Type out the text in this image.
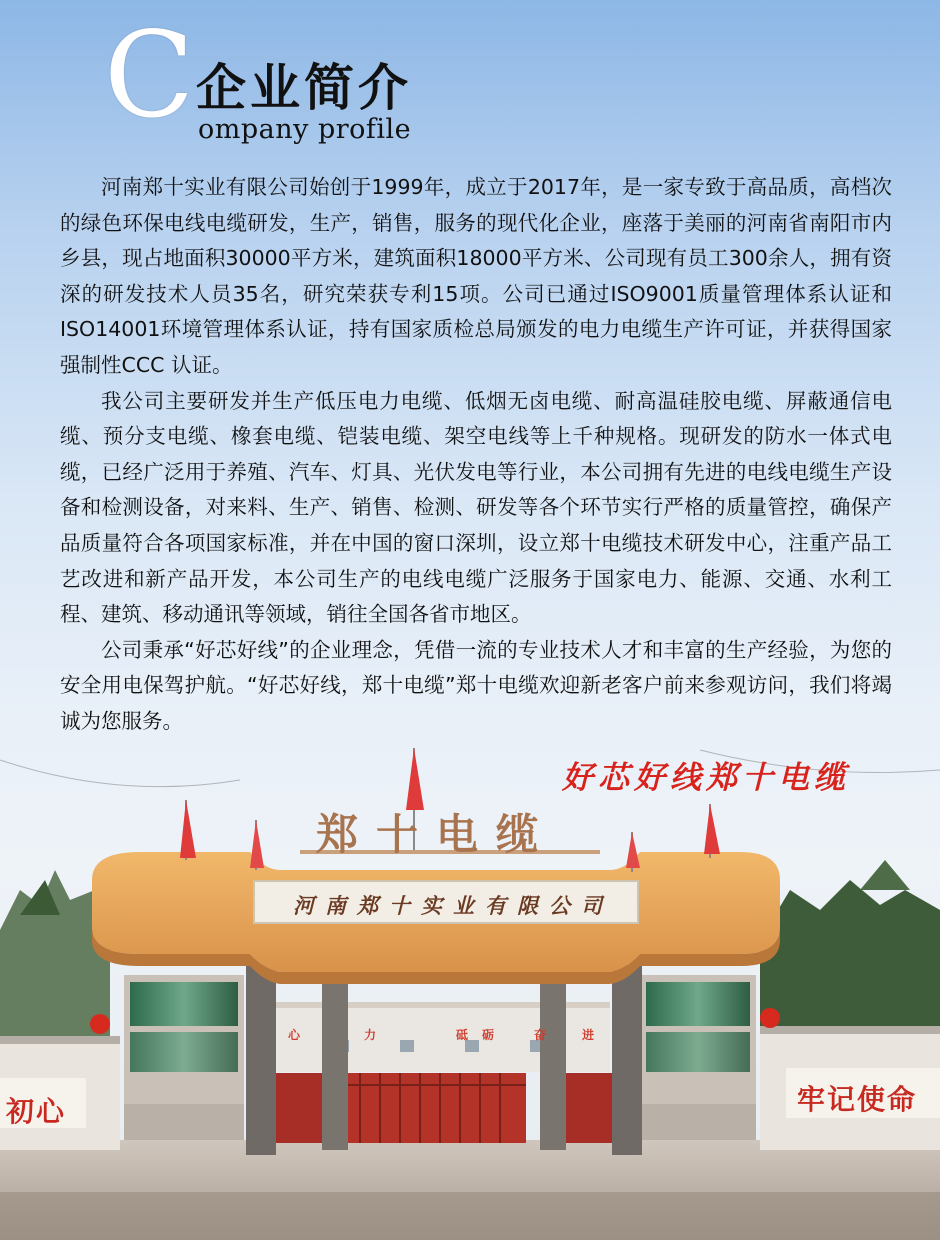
C 企业简介
ompany profile

河南郑十实业有限公司始创于1999年，成立于2017年，是一家专致于高品质，高档次的绿色环保电线电缆研发，生产，销售，服务的现代化企业，座落于美丽的河南省南阳市内乡县，现占地面积30000平方米，建筑面积18000平方米、公司现有员工300余人，拥有资深的研发技术人员35名，研究荣获专利15项。公司已通过ISO9001质量管理体系认证和ISO14001环境管理体系认证，持有国家质检总局颁发的电力电缆生产许可证，并获得国家强制性CCC 认证。

我公司主要研发并生产低压电力电缆、低烟无卤电缆、耐高温硅胶电缆、屏蔽通信电缆、预分支电缆、橡套电缆、铠装电缆、架空电线等上千种规格。现研发的防水一体式电缆，已经广泛用于养殖、汽车、灯具、光伏发电等行业，本公司拥有先进的电线电缆生产设备和检测设备，对来料、生产、销售、检测、研发等各个环节实行严格的质量管控，确保产品质量符合各项国家标准，并在中国的窗口深圳，设立郑十电缆技术研发中心，注重产品工艺改进和新产品开发，本公司生产的电线电缆广泛服务于国家电力、能源、交通、水利工程、建筑、移动通讯等领域，销往全国各省市地区。

公司秉承“好芯好线”的企业理念，凭借一流的专业技术人才和丰富的生产经验，为您的安全用电保驾护航。“好芯好线，郑十电缆”郑十电缆欢迎新老客户前来参观访问，我们将竭诚为您服务。

郑十电缆
河南郑十实业有限公司
初心	牢记使命
心	力	砥 砺	奋	进
好芯好线郑十电缆
